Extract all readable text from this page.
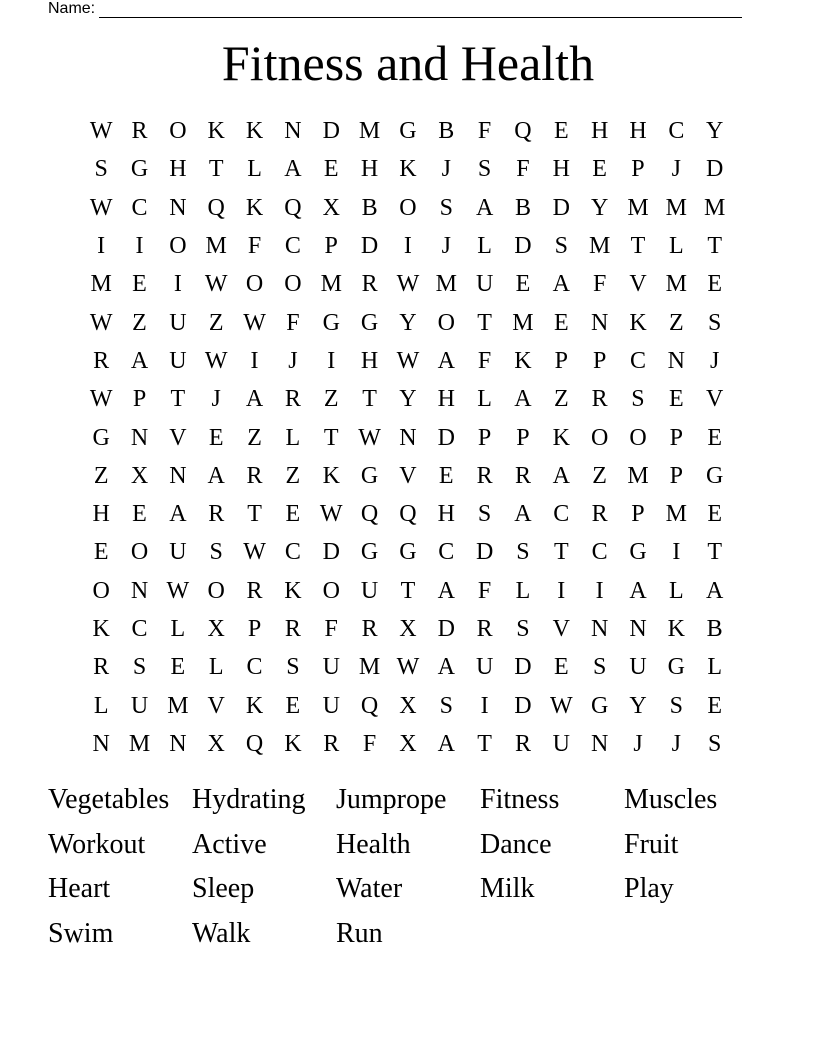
Name:
Fitness and Health
W R O K K N D M G B F Q E H H C Y
S G H T L A E H K	J	S	F H E	P	J	D
W C N Q K Q X B O S A B D Y M M M
I	I	O M F C P D	I	J	L D S M T L T
M E	I W O O M R W M U E A F V M E
W Z U Z W F G G Y O T M E N K Z	S
R A U W I	J	I	H W A F K P	P C N	J
W P	T	J	A R Z T Y H L A Z R S	E V
G N V E Z L T W N D P	P K O O P	E
Z X N A R Z K G V E R R A Z M P G
H E A R T E W Q Q H S A C R P M E
E O U S W C D G G C D S	T C G	I	T
O N W O R K O U T A F	L	I	I	A L A
K C L X P R F R X D R S V N N K B
R S	E L C S U M W A U D E	S U G L
L U M V K E U Q X S	I	D W G Y S	E
N M N X Q K R F X A T R U N	J	J	S
Vegetables Hydrating	Jumprope	Fitness	Muscles
Workout	Active	Health	Dance	Fruit
Heart	Sleep	Water	Milk	Play
Swim	Walk	Run
